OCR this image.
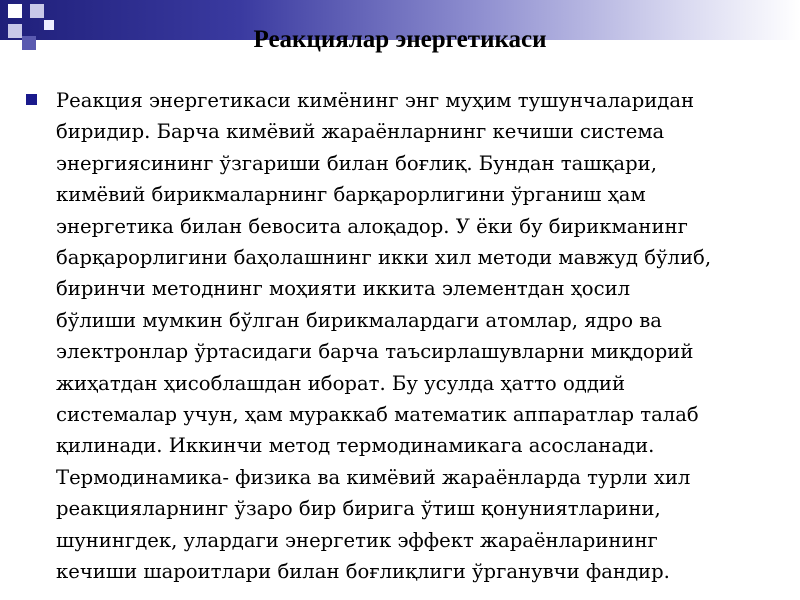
Реакциялар энергетикаси
Реакция энергетикаси кимёнинг энг муҳим тушунчаларидан
биридир. Барча кимёвий жараёнларнинг кечиши система
энергиясининг ўзгариши билан боғлиқ. Бундан ташқари,
кимёвий бирикмаларнинг барқарорлигини ўрганиш ҳам
энергетика билан бевосита алоқадор. У ёки бу бирикманинг
барқарорлигини баҳолашнинг икки хил методи мавжуд бўлиб,
биринчи методнинг моҳияти иккита элементдан ҳосил
бўлиши мумкин бўлган бирикмалардаги атомлар, ядро ва
электронлар ўртасидаги барча таъсирлашувларни миқдорий
жиҳатдан ҳисоблашдан иборат. Бу усулда ҳатто оддий
системалар учун, ҳам мураккаб математик аппаратлар талаб
қилинади. Иккинчи метод термодинамикага асосланади.
Термодинамика- физика ва кимёвий жараёнларда турли хил
реакцияларнинг ўзаро бир бирига ўтиш қонуниятларини,
шунингдек, улардаги энергетик эффект жараёнларининг
кечиши шароитлари билан боғлиқлиги ўрганувчи фандир.
